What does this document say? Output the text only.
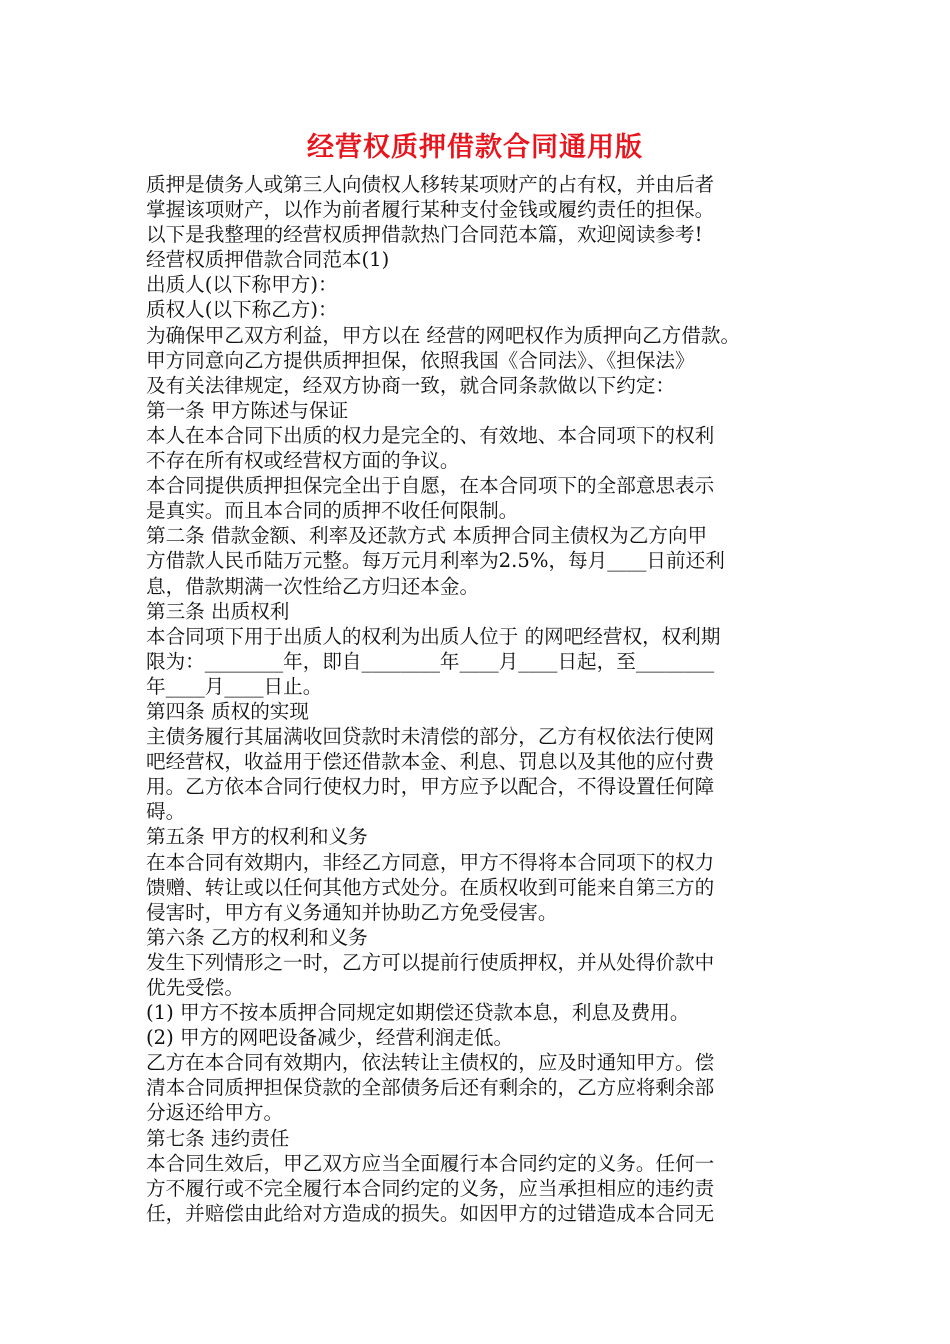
经营权质押借款合同通用版
质押是债务人或第三人向债权人移转某项财产的占有权，并由后者
掌握该项财产，以作为前者履行某种支付金钱或履约责任的担保。
以下是我整理的经营权质押借款热门合同范本篇，欢迎阅读参考!
经营权质押借款合同范本(1)
出质人(以下称甲方)：
质权人(以下称乙方)：
为确保甲乙双方利益，甲方以在 经营的网吧权作为质押向乙方借款。
甲方同意向乙方提供质押担保，依照我国《合同法》、《担保法》
及有关法律规定，经双方协商一致，就合同条款做以下约定：
第一条 甲方陈述与保证
本人在本合同下出质的权力是完全的、有效地、本合同项下的权利
不存在所有权或经营权方面的争议。
本合同提供质押担保完全出于自愿，在本合同项下的全部意思表示
是真实。而且本合同的质押不收任何限制。
第二条 借款金额、利率及还款方式 本质押合同主债权为乙方向甲
方借款人民币陆万元整。每万元月利率为2.5%，每月____日前还利
息，借款期满一次性给乙方归还本金。
第三条 出质权利
本合同项下用于出质人的权利为出质人位于 的网吧经营权，权利期
限为：________年，即自________年____月____日起，至________
年____月____日止。
第四条 质权的实现
主债务履行其届满收回贷款时未清偿的部分，乙方有权依法行使网
吧经营权，收益用于偿还借款本金、利息、罚息以及其他的应付费
用。乙方依本合同行使权力时，甲方应予以配合，不得设置任何障
碍。
第五条 甲方的权利和义务
在本合同有效期内，非经乙方同意，甲方不得将本合同项下的权力
馈赠、转让或以任何其他方式处分。在质权收到可能来自第三方的
侵害时，甲方有义务通知并协助乙方免受侵害。
第六条 乙方的权利和义务
发生下列情形之一时，乙方可以提前行使质押权，并从处得价款中
优先受偿。
(1) 甲方不按本质押合同规定如期偿还贷款本息，利息及费用。
(2) 甲方的网吧设备减少，经营利润走低。
乙方在本合同有效期内，依法转让主债权的，应及时通知甲方。偿
清本合同质押担保贷款的全部债务后还有剩余的，乙方应将剩余部
分返还给甲方。
第七条 违约责任
本合同生效后，甲乙双方应当全面履行本合同约定的义务。任何一
方不履行或不完全履行本合同约定的义务，应当承担相应的违约责
任，并赔偿由此给对方造成的损失。如因甲方的过错造成本合同无
